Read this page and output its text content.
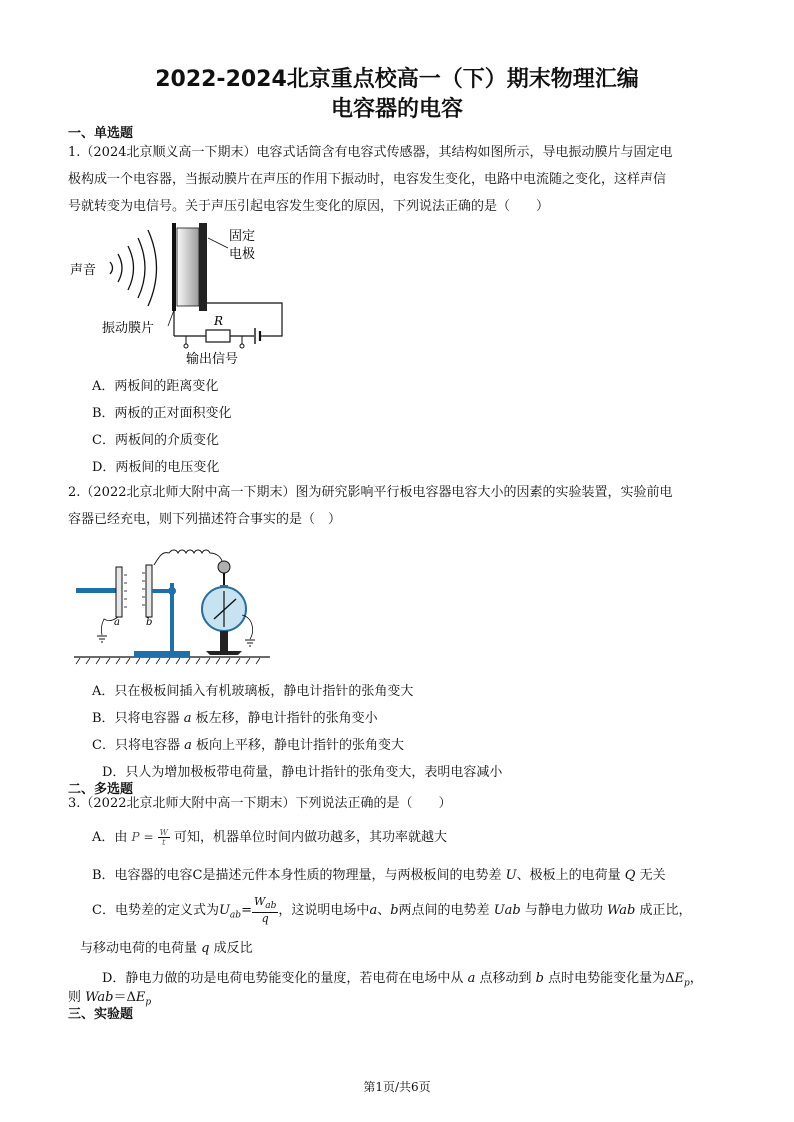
2022-2024北京重点校高一（下）期末物理汇编
电容器的电容
一、单选题
1.（2024北京顺义高一下期末）电容式话筒含有电容式传感器，其结构如图所示，导电振动膜片与固定电
极构成一个电容器，当振动膜片在声压的作用下振动时，电容发生变化，电路中电流随之变化，这样声信
号就转变为电信号。关于声压引起电容发生变化的原因，下列说法正确的是（　　）
声音
固定
电极
R
振动膜片
输出信号
A．两板间的距离变化
B．两板的正对面积变化
C．两板间的介质变化
D．两板间的电压变化
2.（2022北京北师大附中高一下期末）图为研究影响平行板电容器电容大小的因素的实验装置，实验前电
容器已经充电，则下列描述符合事实的是（　）
a	b
A．只在极板间插入有机玻璃板，静电计指针的张角变大
B．只将电容器 a 板左移，静电计指针的张角变小
C．只将电容器 a 板向上平移，静电计指针的张角变大
D．只人为增加极板带电荷量，静电计指针的张角变大，表明电容减小
二、多选题
3.（2022北京北师大附中高一下期末）下列说法正确的是（　　）
A．由 $P = \frac{W}{t}$ 可知，机器单位时间内做功越多，其功率就越大
B．电容器的电容C是描述元件本身性质的物理量，与两极板间的电势差 U、极板上的电荷量 Q 无关
C．电势差的定义式为$U_{ab}= \frac{W_{ab}}{q}$ ，这说明电场中a、b两点间的电势差 Uab 与静电力做功 Wab 成正比，
与移动电荷的电荷量 q 成反比
D．静电力做的功是电荷电势能变化的量度，若电荷在电场中从 a 点移动到 b 点时电势能变化量为$\Delta E_p$，
则 $Wab=\Delta E_p$
三、实验题
第1页/共6页
